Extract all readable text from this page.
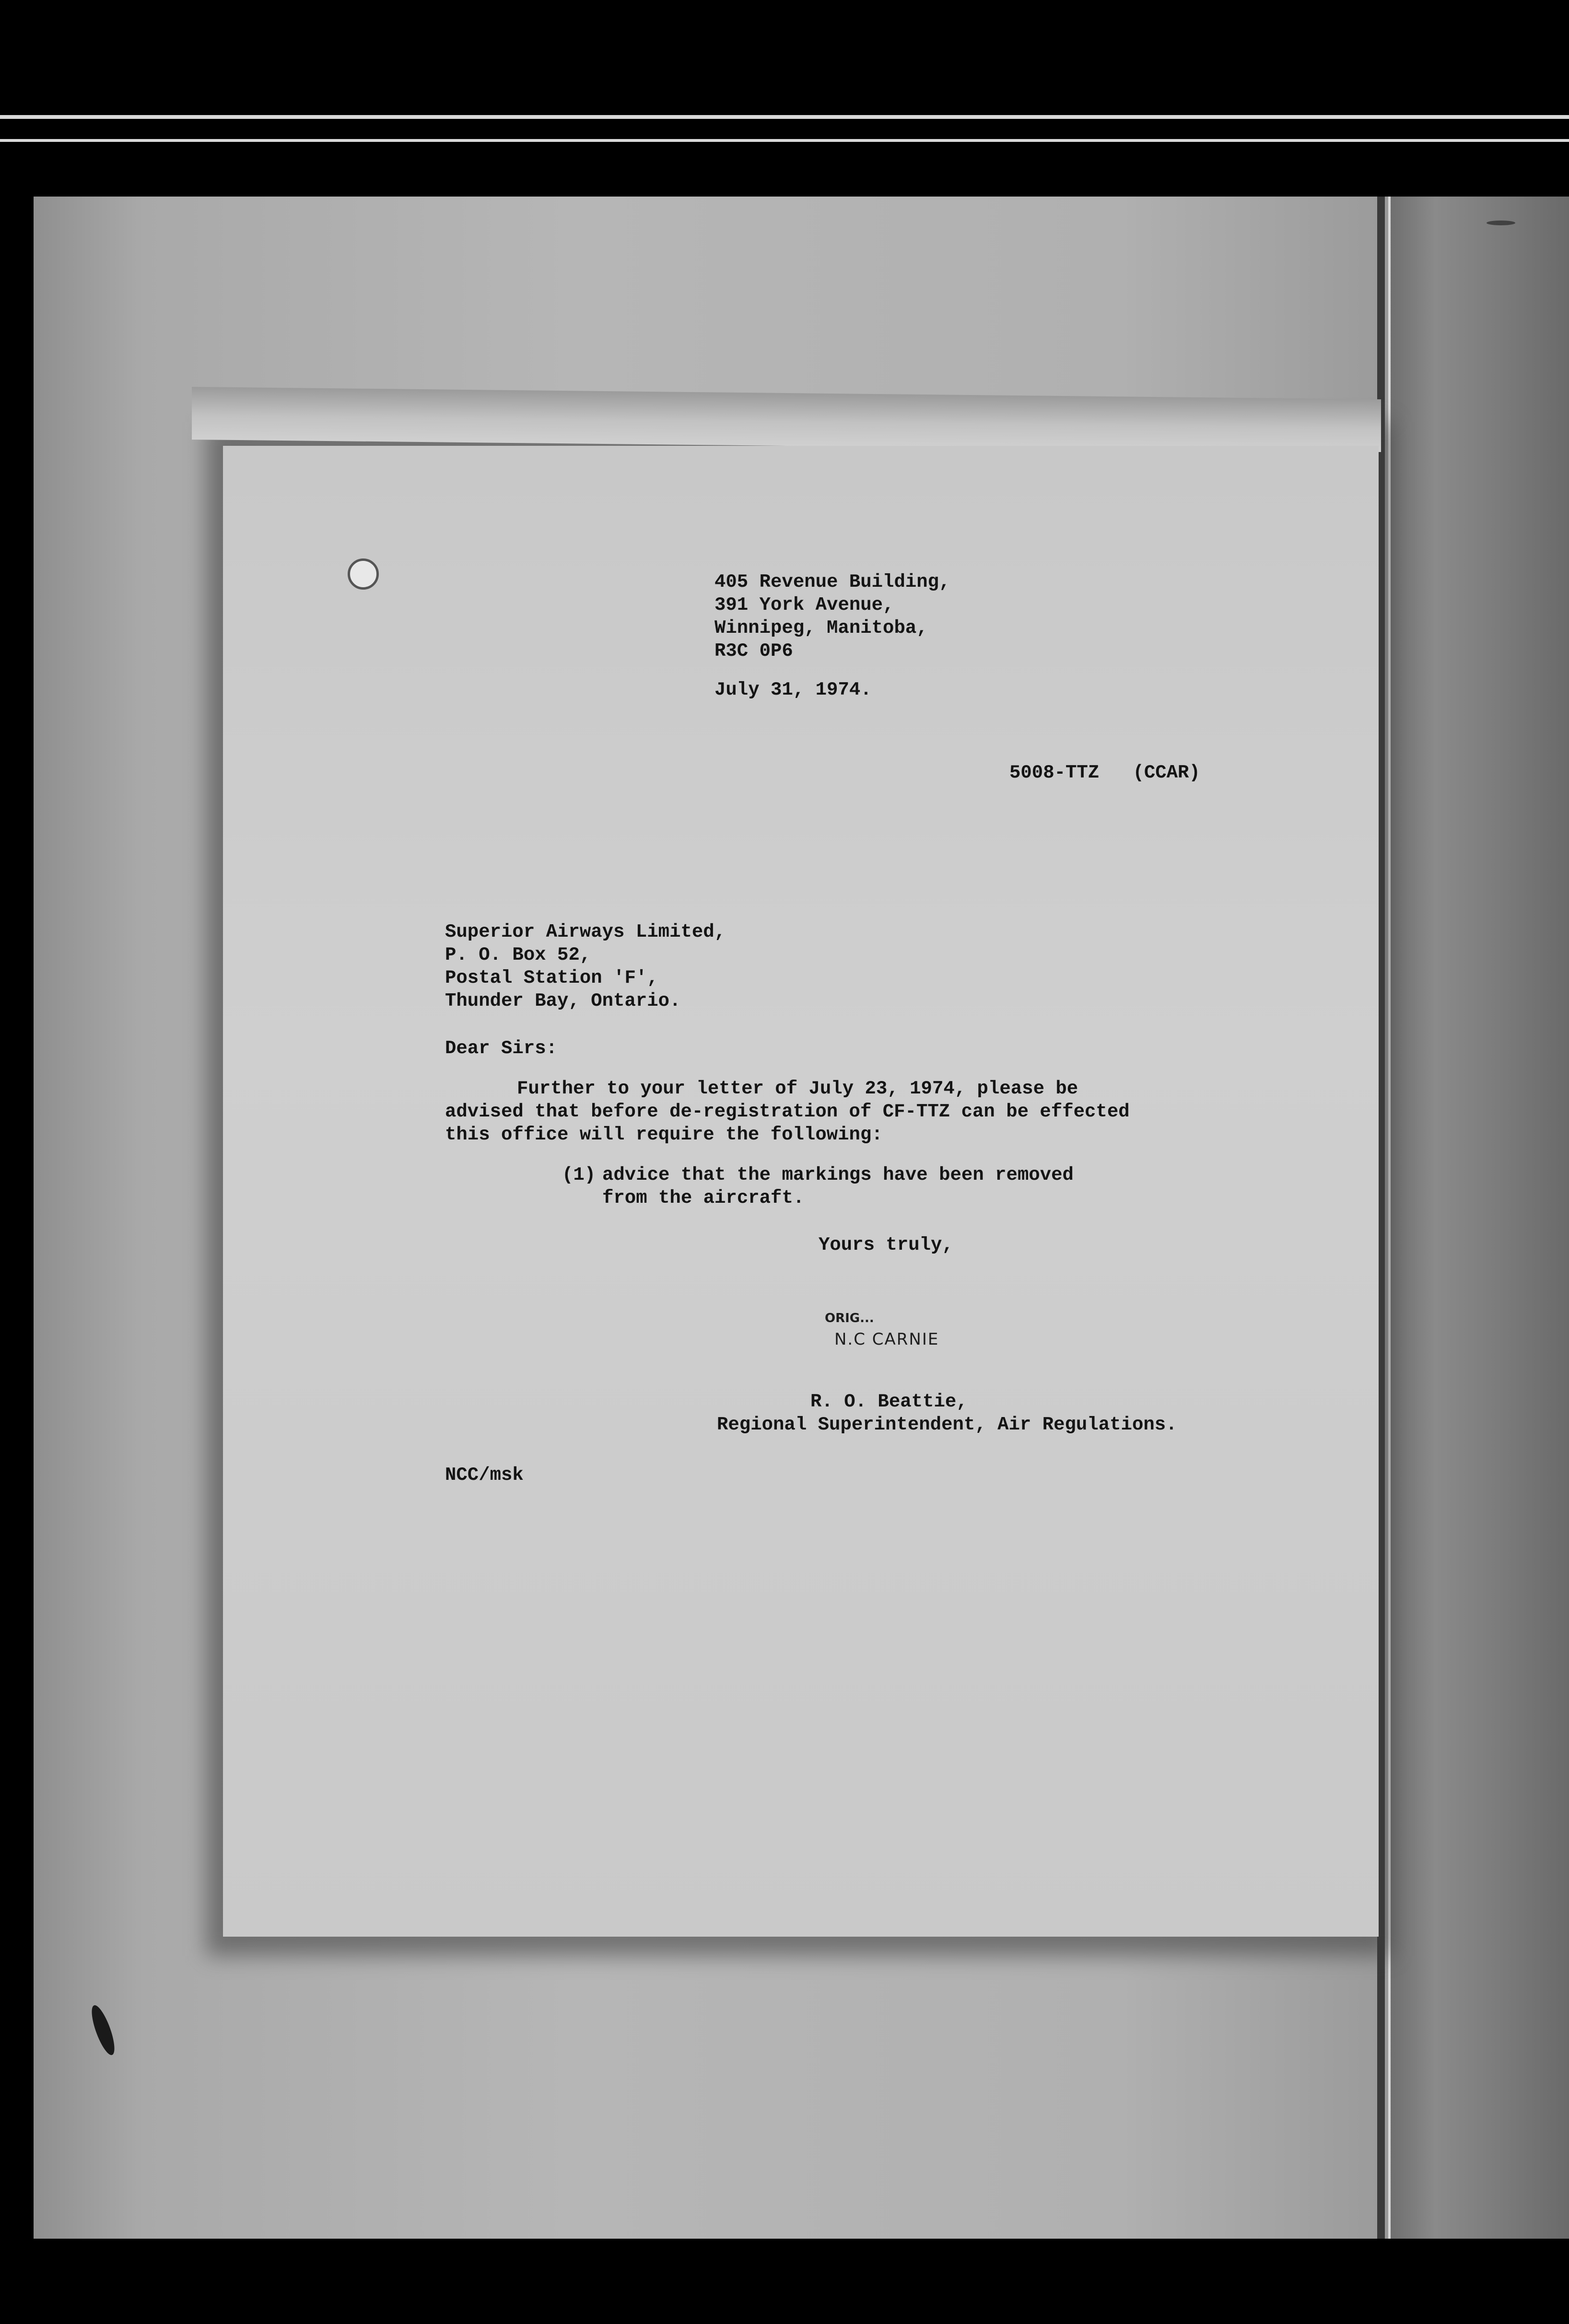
405 Revenue Building,
391 York Avenue,
Winnipeg, Manitoba,
R3C 0P6
July 31, 1974.
5008-TTZ   (CCAR)
Superior Airways Limited,
P. O. Box 52,
Postal Station 'F',
Thunder Bay, Ontario.
Dear Sirs:

Further to your letter of July 23, 1974, please be advised that before de-registration of CF-TTZ can be effected this office will require the following:

(1) advice that the markings have been removed from the aircraft.
Yours truly,
ORIG...
N.C CARNIE
R. O. Beattie,
Regional Superintendent, Air Regulations.
NCC/msk
